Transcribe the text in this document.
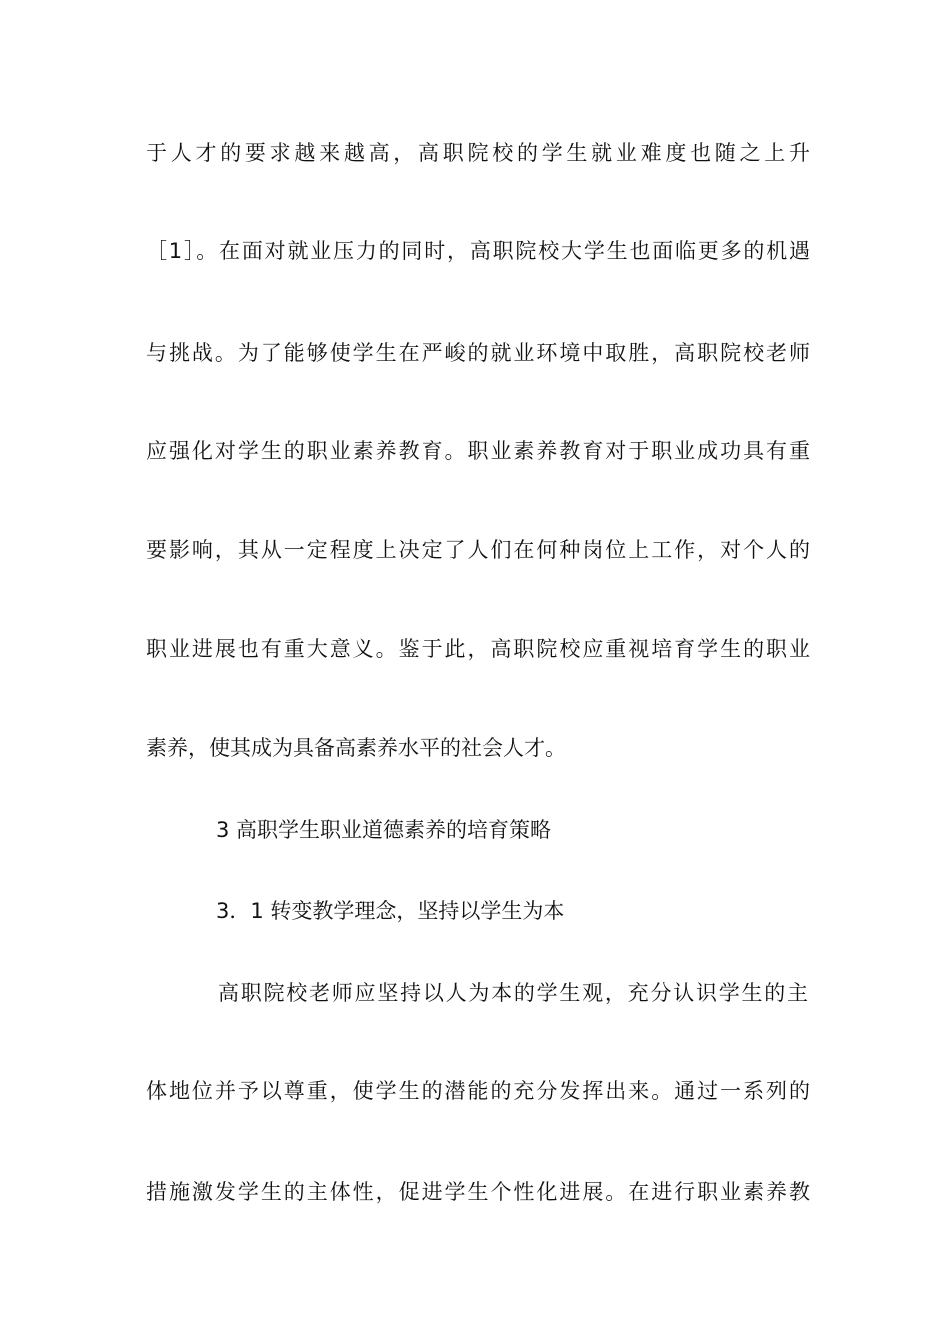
于人才的要求越来越高，高职院校的学生就业难度也随之上升
［1］。在面对就业压力的同时，高职院校大学生也面临更多的机遇
与挑战。为了能够使学生在严峻的就业环境中取胜，高职院校老师
应强化对学生的职业素养教育。职业素养教育对于职业成功具有重
要影响，其从一定程度上决定了人们在何种岗位上工作，对个人的
职业进展也有重大意义。鉴于此，高职院校应重视培育学生的职业
素养，使其成为具备高素养水平的社会人才。
3 高职学生职业道德素养的培育策略
3．1 转变教学理念，坚持以学生为本
高职院校老师应坚持以人为本的学生观，充分认识学生的主
体地位并予以尊重，使学生的潜能的充分发挥出来。通过一系列的
措施激发学生的主体性，促进学生个性化进展。在进行职业素养教
